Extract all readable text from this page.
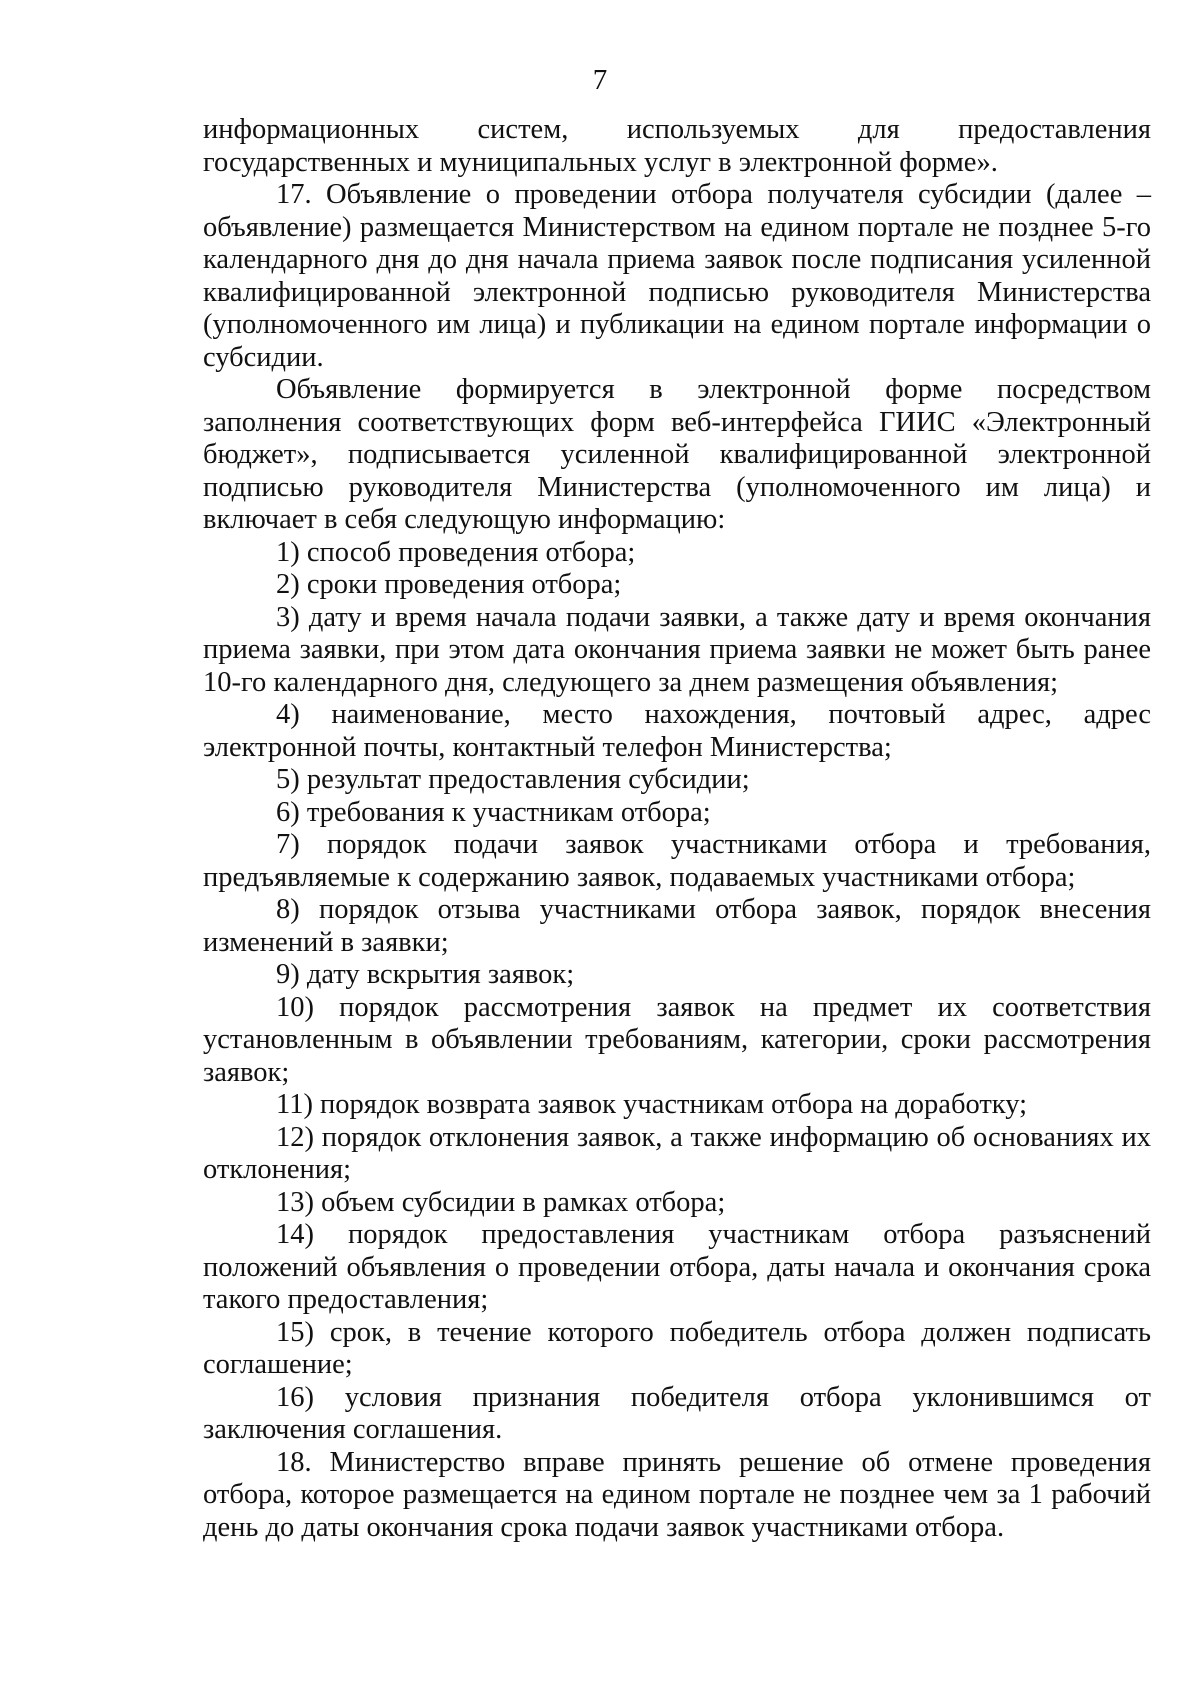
7

информационных систем, используемых для предоставления государственных и муниципальных услуг в электронной форме».

17. Объявление о проведении отбора получателя субсидии (далее – объявление) размещается Министерством на едином портале не позднее 5-го календарного дня до дня начала приема заявок после подписания усиленной квалифицированной электронной подписью руководителя Министерства (уполномоченного им лица) и публикации на едином портале информации о субсидии.

Объявление формируется в электронной форме посредством заполнения соответствующих форм веб-интерфейса ГИИС «Электронный бюджет», подписывается усиленной квалифицированной электронной подписью руководителя Министерства (уполномоченного им лица) и включает в себя следующую информацию:

1) способ проведения отбора;

2) сроки проведения отбора;

3) дату и время начала подачи заявки, а также дату и время окончания приема заявки, при этом дата окончания приема заявки не может быть ранее 10-го календарного дня, следующего за днем размещения объявления;

4) наименование, место нахождения, почтовый адрес, адрес электронной почты, контактный телефон Министерства;

5) результат предоставления субсидии;

6) требования к участникам отбора;

7) порядок подачи заявок участниками отбора и требования, предъявляемые к содержанию заявок, подаваемых участниками отбора;

8) порядок отзыва участниками отбора заявок, порядок внесения изменений в заявки;

9) дату вскрытия заявок;

10) порядок рассмотрения заявок на предмет их соответствия установленным в объявлении требованиям, категории, сроки рассмотрения заявок;

11) порядок возврата заявок участникам отбора на доработку;

12) порядок отклонения заявок, а также информацию об основаниях их отклонения;

13) объем субсидии в рамках отбора;

14) порядок предоставления участникам отбора разъяснений положений объявления о проведении отбора, даты начала и окончания срока такого предоставления;

15) срок, в течение которого победитель отбора должен подписать соглашение;

16) условия признания победителя отбора уклонившимся от заключения соглашения.

18. Министерство вправе принять решение об отмене проведения отбора, которое размещается на едином портале не позднее чем за 1 рабочий день до даты окончания срока подачи заявок участниками отбора.
